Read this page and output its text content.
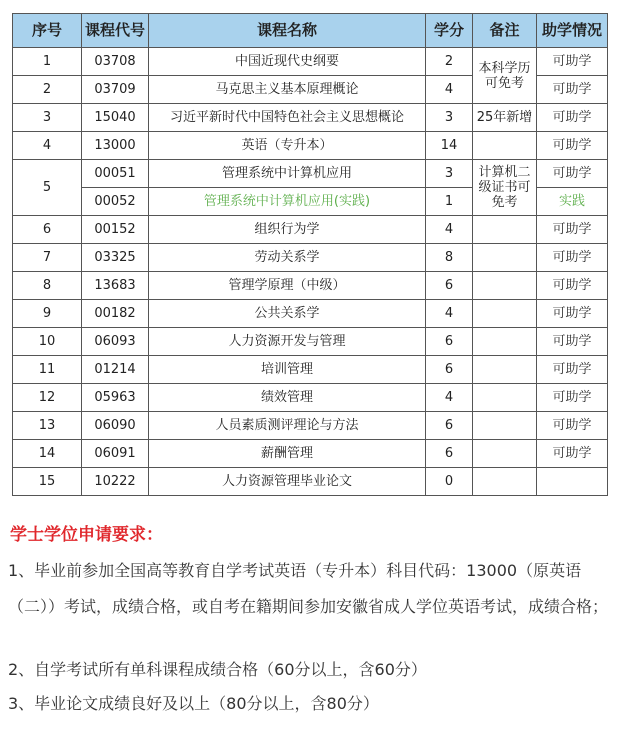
序号	课程代号	课程名称	学分	备注	助学情况
1	03708	中国近现代史纲要	2	本科学历可免考	可助学
2	03709	马克思主义基本原理概论	4		可助学
3	15040	习近平新时代中国特色社会主义思想概论	3	25年新增	可助学
4	13000	英语（专升本）	14		可助学
5	00051	管理系统中计算机应用	3	计算机二级证书可免考	可助学
	00052	管理系统中计算机应用(实践)	1		实践
6	00152	组织行为学	4		可助学
7	03325	劳动关系学	8		可助学
8	13683	管理学原理（中级）	6		可助学
9	00182	公共关系学	4		可助学
10	06093	人力资源开发与管理	6		可助学
11	01214	培训管理	6		可助学
12	05963	绩效管理	4		可助学
13	06090	人员素质测评理论与方法	6		可助学
14	06091	薪酬管理	6		可助学
15	10222	人力资源管理毕业论文	0		
学士学位申请要求：
1、毕业前参加全国高等教育自学考试英语（专升本）科目代码：13000（原英语（二））考试，成绩合格，或自考在籍期间参加安徽省成人学位英语考试，成绩合格；
2、自学考试所有单科课程成绩合格（60分以上，含60分）
3、毕业论文成绩良好及以上（80分以上，含80分）
